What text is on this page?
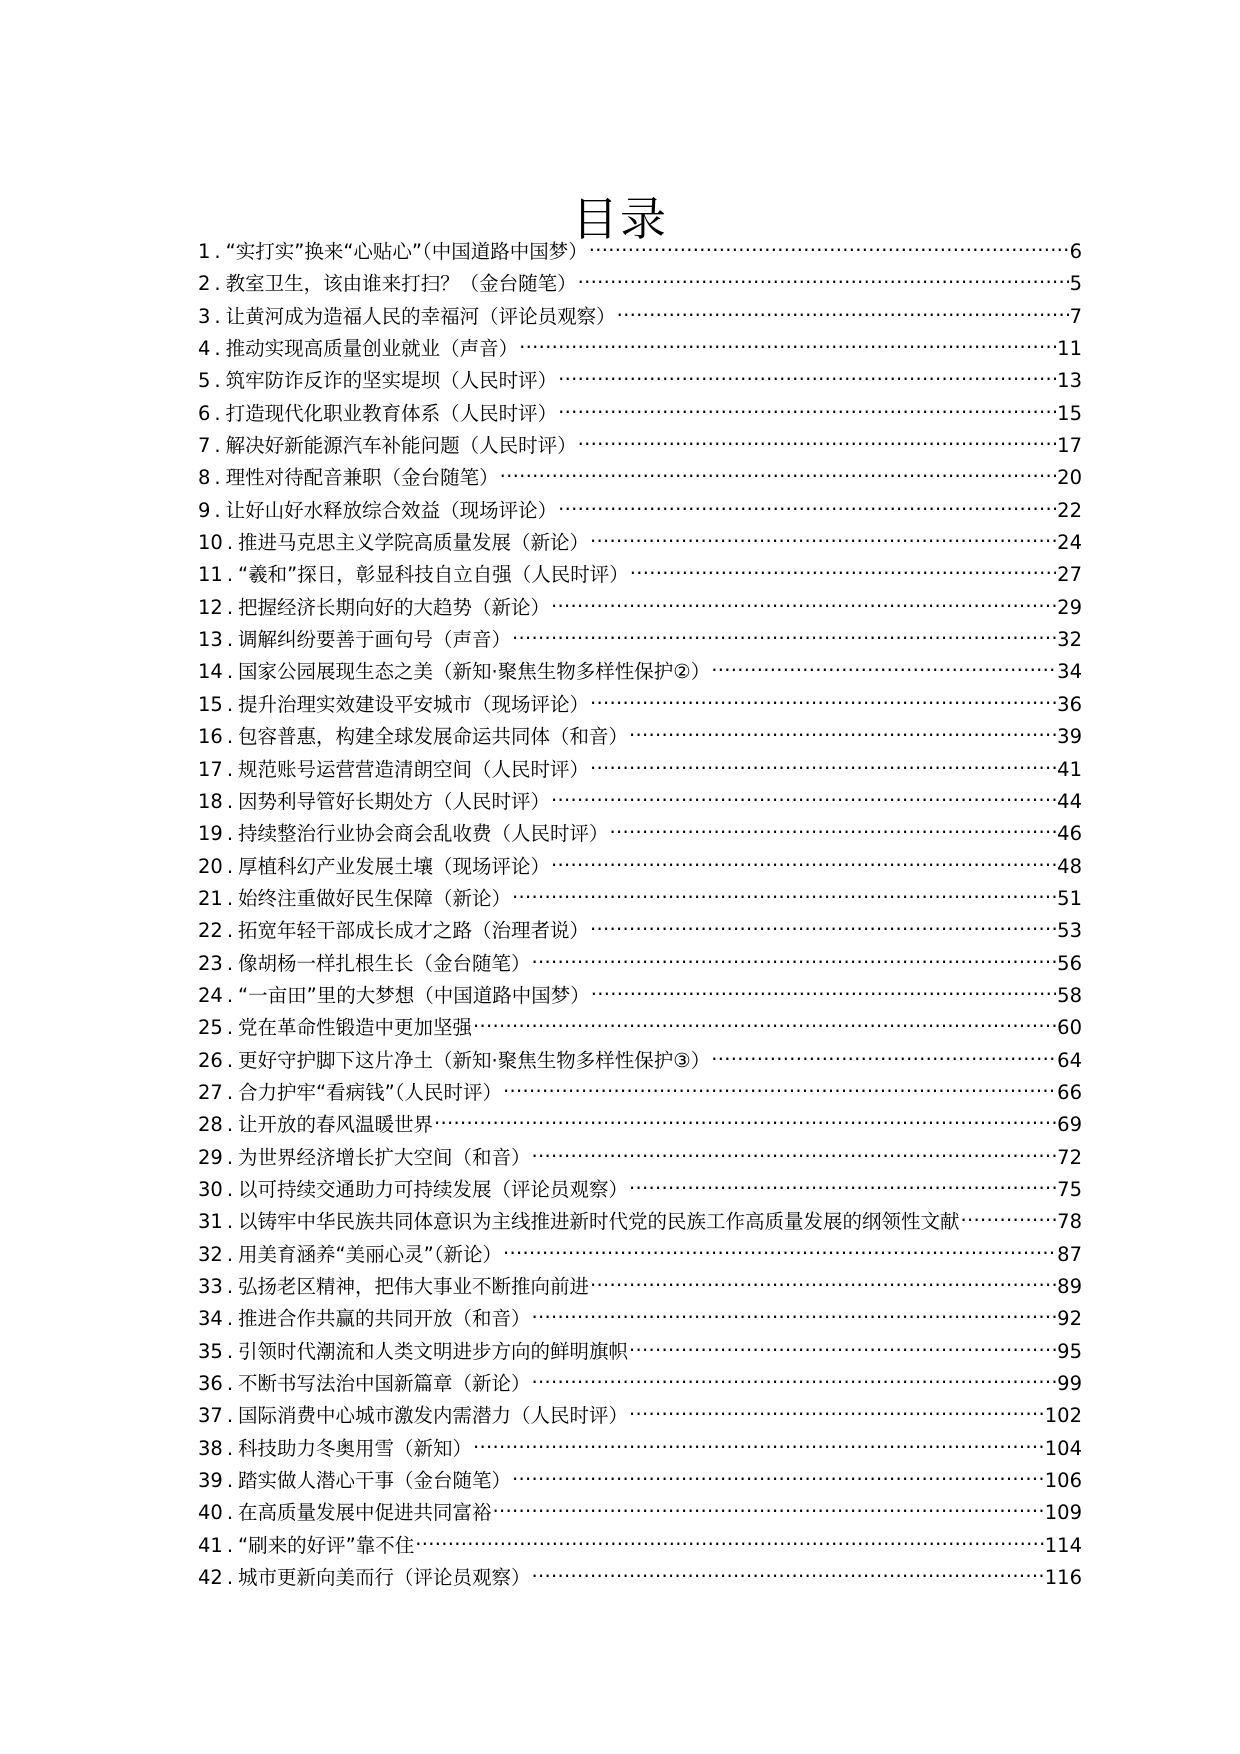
目录
1 . “实打实”换来“心贴心”（中国道路中国梦） .....	6
2 . 教室卫生，该由谁来打扫？（金台随笔） .....	5
3 . 让黄河成为造福人民的幸福河（评论员观察） .....	7
4 . 推动实现高质量创业就业（声音） .....	11
5 . 筑牢防诈反诈的坚实堤坝（人民时评） .....	13
6 . 打造现代化职业教育体系（人民时评） .....	15
7 . 解决好新能源汽车补能问题（人民时评） .....	17
8 . 理性对待配音兼职（金台随笔） .....	20
9 . 让好山好水释放综合效益（现场评论） .....	22
10 . 推进马克思主义学院高质量发展（新论） .....	24
11 . “羲和”探日，彰显科技自立自强（人民时评） .....	27
12 . 把握经济长期向好的大趋势（新论） .....	29
13 . 调解纠纷要善于画句号（声音） .....	32
14 . 国家公园展现生态之美（新知·聚焦生物多样性保护②） .....	34
15 . 提升治理实效建设平安城市（现场评论） .....	36
16 . 包容普惠，构建全球发展命运共同体（和音） .....	39
17 . 规范账号运营营造清朗空间（人民时评） .....	41
18 . 因势利导管好长期处方（人民时评） .....	44
19 . 持续整治行业协会商会乱收费（人民时评） .....	46
20 . 厚植科幻产业发展土壤（现场评论） .....	48
21 . 始终注重做好民生保障（新论） .....	51
22 . 拓宽年轻干部成长成才之路（治理者说） .....	53
23 . 像胡杨一样扎根生长（金台随笔） .....	56
24 . “一亩田”里的大梦想（中国道路中国梦） .....	58
25 . 党在革命性锻造中更加坚强 .....	60
26 . 更好守护脚下这片净土（新知·聚焦生物多样性保护③） .....	64
27 . 合力护牢“看病钱”（人民时评） .....	66
28 . 让开放的春风温暖世界 .....	69
29 . 为世界经济增长扩大空间（和音） .....	72
30 . 以可持续交通助力可持续发展（评论员观察） .....	75
31 . 以铸牢中华民族共同体意识为主线推进新时代党的民族工作高质量发展的纲领性文献 .....	78
32 . 用美育涵养“美丽心灵”（新论） .....	87
33 . 弘扬老区精神，把伟大事业不断推向前进 .....	89
34 . 推进合作共赢的共同开放（和音） .....	92
35 . 引领时代潮流和人类文明进步方向的鲜明旗帜 .....	95
36 . 不断书写法治中国新篇章（新论） .....	99
37 . 国际消费中心城市激发内需潜力（人民时评） .....	102
38 . 科技助力冬奥用雪（新知） .....	104
39 . 踏实做人潜心干事（金台随笔） .....	106
40 . 在高质量发展中促进共同富裕 .....	109
41 . “刷来的好评”靠不住 .....	114
42 . 城市更新向美而行（评论员观察） .....	116
